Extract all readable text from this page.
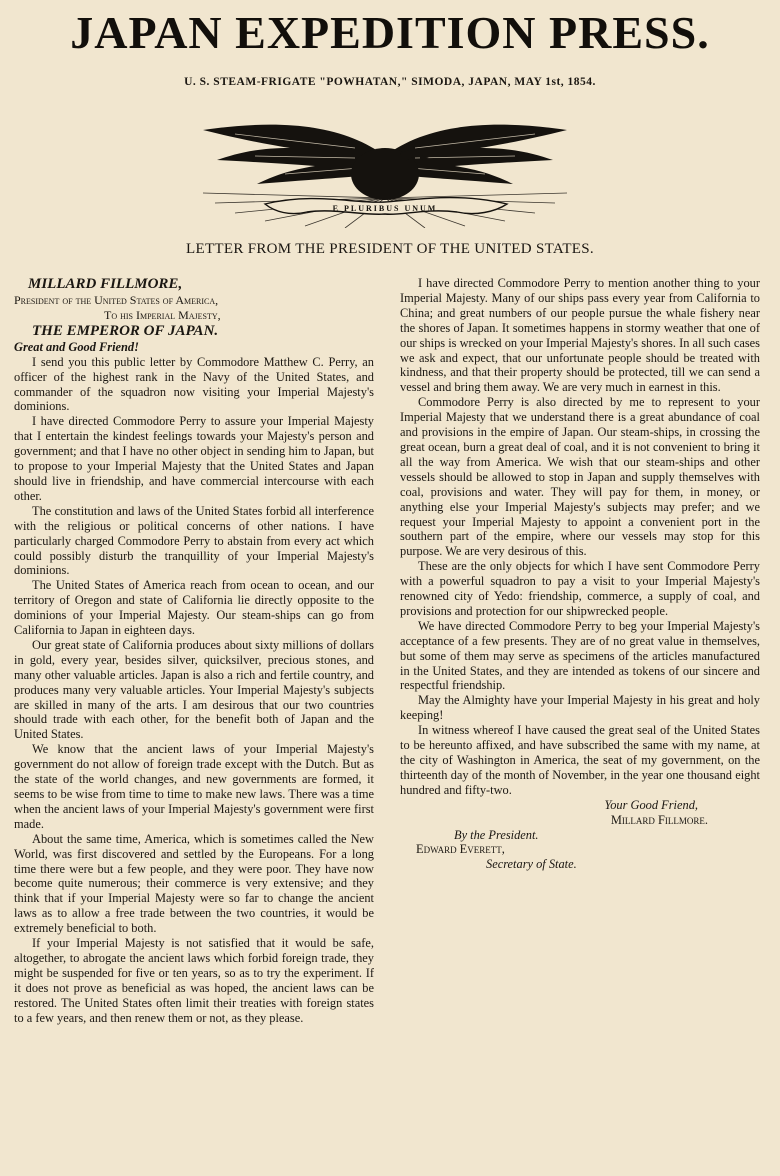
JAPAN EXPEDITION PRESS.
U. S. STEAM-FRIGATE "POWHATAN," SIMODA, JAPAN, MAY 1st, 1854.
E PLURIBUS UNUM
LETTER FROM THE PRESIDENT OF THE UNITED STATES.
MILLARD FILLMORE,
President of the United States of America,
To his Imperial Majesty,
THE EMPEROR OF JAPAN.
Great and Good Friend!

I send you this public letter by Commodore Matthew C. Perry, an officer of the highest rank in the Navy of the United States, and commander of the squadron now visiting your Imperial Majesty's dominions.

I have directed Commodore Perry to assure your Imperial Majesty that I entertain the kindest feelings towards your Majesty's person and government; and that I have no other object in sending him to Japan, but to propose to your Imperial Majesty that the United States and Japan should live in friendship, and have commercial intercourse with each other.

The constitution and laws of the United States forbid all interference with the religious or political concerns of other nations. I have particularly charged Commodore Perry to abstain from every act which could possibly disturb the tranquillity of your Imperial Majesty's dominions.

The United States of America reach from ocean to ocean, and our territory of Oregon and state of California lie directly opposite to the dominions of your Imperial Majesty. Our steam-ships can go from California to Japan in eighteen days.

Our great state of California produces about sixty millions of dollars in gold, every year, besides silver, quicksilver, precious stones, and many other valuable articles. Japan is also a rich and fertile country, and produces many very valuable articles. Your Imperial Majesty's subjects are skilled in many of the arts. I am desirous that our two countries should trade with each other, for the benefit both of Japan and the United States.

We know that the ancient laws of your Imperial Majesty's government do not allow of foreign trade except with the Dutch. But as the state of the world changes, and new governments are formed, it seems to be wise from time to time to make new laws. There was a time when the ancient laws of your Imperial Majesty's government were first made.

About the same time, America, which is sometimes called the New World, was first discovered and settled by the Europeans. For a long time there were but a few people, and they were poor. They have now become quite numerous; their commerce is very extensive; and they think that if your Imperial Majesty were so far to change the ancient laws as to allow a free trade between the two countries, it would be extremely beneficial to both.

If your Imperial Majesty is not satisfied that it would be safe, altogether, to abrogate the ancient laws which forbid foreign trade, they might be suspended for five or ten years, so as to try the experiment. If it does not prove as beneficial as was hoped, the ancient laws can be restored. The United States often limit their treaties with foreign states to a few years, and then renew them or not, as they please.

I have directed Commodore Perry to mention another thing to your Imperial Majesty. Many of our ships pass every year from California to China; and great numbers of our people pursue the whale fishery near the shores of Japan. It sometimes happens in stormy weather that one of our ships is wrecked on your Imperial Majesty's shores. In all such cases we ask and expect, that our unfortunate people should be treated with kindness, and that their property should be protected, till we can send a vessel and bring them away. We are very much in earnest in this.

Commodore Perry is also directed by me to represent to your Imperial Majesty that we understand there is a great abundance of coal and provisions in the empire of Japan. Our steam-ships, in crossing the great ocean, burn a great deal of coal, and it is not convenient to bring it all the way from America. We wish that our steam-ships and other vessels should be allowed to stop in Japan and supply themselves with coal, provisions and water. They will pay for them, in money, or anything else your Imperial Majesty's subjects may prefer; and we request your Imperial Majesty to appoint a convenient port in the southern part of the empire, where our vessels may stop for this purpose. We are very desirous of this.

These are the only objects for which I have sent Commodore Perry with a powerful squadron to pay a visit to your Imperial Majesty's renowned city of Yedo: friendship, commerce, a supply of coal, and provisions and protection for our shipwrecked people.

We have directed Commodore Perry to beg your Imperial Majesty's acceptance of a few presents. They are of no great value in themselves, but some of them may serve as specimens of the articles manufactured in the United States, and they are intended as tokens of our sincere and respectful friendship.

May the Almighty have your Imperial Majesty in his great and holy keeping!

In witness whereof I have caused the great seal of the United States to be hereunto affixed, and have subscribed the same with my name, at the city of Washington in America, the seat of my government, on the thirteenth day of the month of November, in the year one thousand eight hundred and fifty-two.

Your Good Friend,
Millard Fillmore.
By the President.
Edward Everett,
Secretary of State.
